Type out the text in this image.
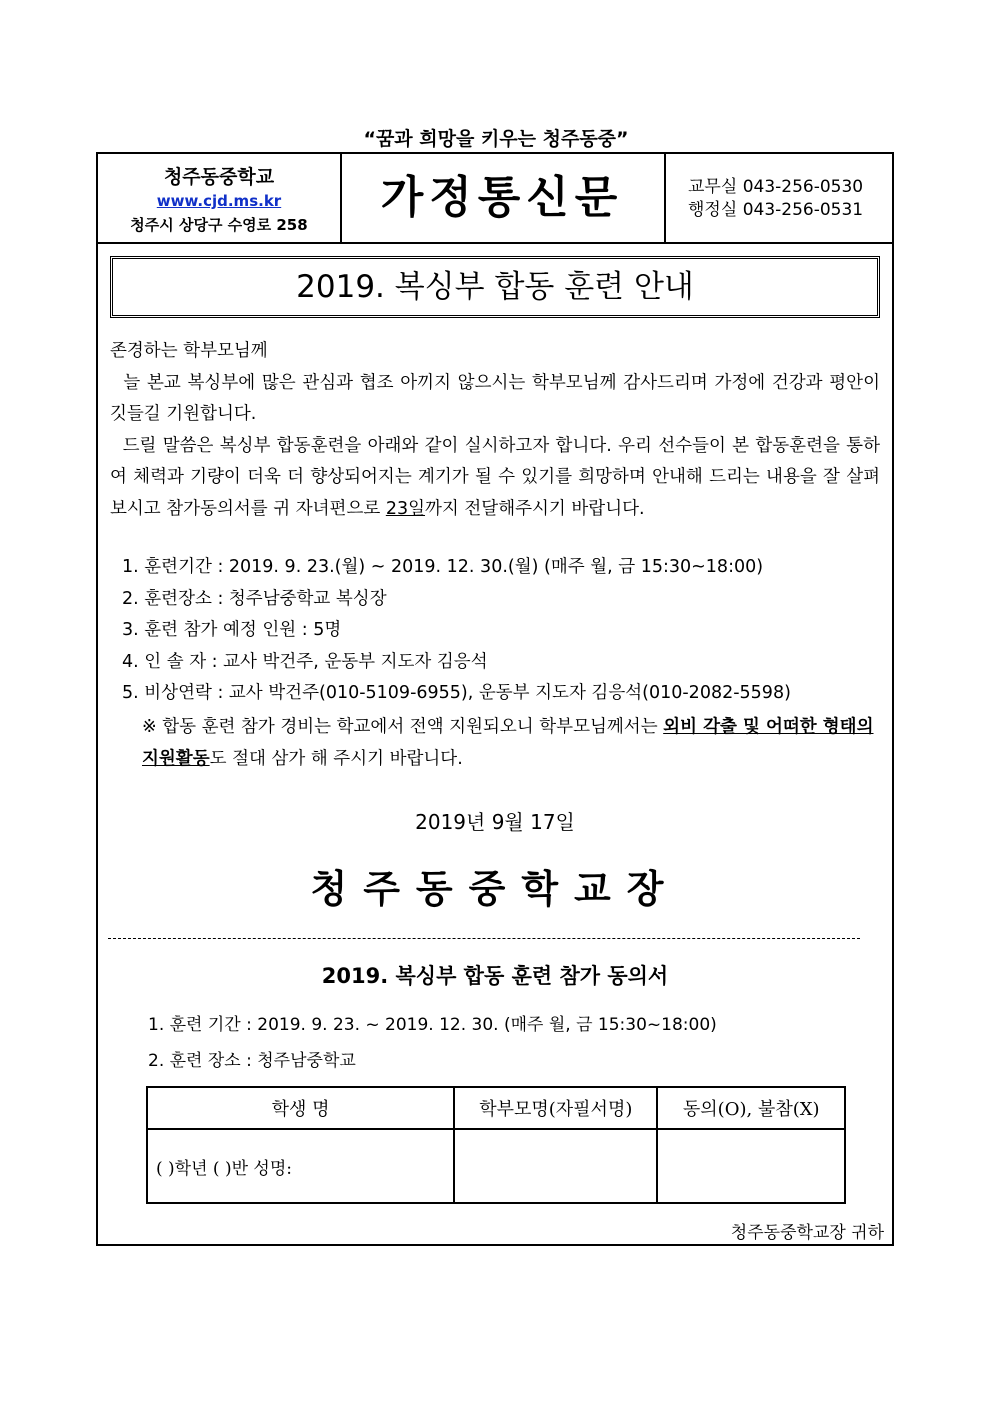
“꿈과 희망을 키우는 청주동중”
청주동중학교
www.cjd.ms.kr
청주시 상당구 수영로 258
가정통신문	교무실 043-256-0530
행정실 043-256-0531
2019. 복싱부 합동 훈련 안내

존경하는 학부모님께

늘 본교 복싱부에 많은 관심과 협조 아끼지 않으시는 학부모님께 감사드리며 가정에 건강과 평안이 깃들길 기원합니다.

드릴 말씀은 복싱부 합동훈련을 아래와 같이 실시하고자 합니다. 우리 선수들이 본 합동훈련을 통하여 체력과 기량이 더욱 더 향상되어지는 계기가 될 수 있기를 희망하며 안내해 드리는 내용을 잘 살펴보시고 참가동의서를 귀 자녀편으로 23일까지 전달해주시기 바랍니다.

1. 훈련기간 : 2019. 9. 23.(월) ~ 2019. 12. 30.(월) (매주 월, 금 15:30~18:00)
2. 훈련장소 : 청주남중학교 복싱장
3. 훈련 참가 예정 인원 : 5명
4. 인 솔 자 : 교사 박건주, 운동부 지도자 김응석
5. 비상연락 : 교사 박건주(010-5109-6955), 운동부 지도자 김응석(010-2082-5598)
※ 합동 훈련 참가 경비는 학교에서 전액 지원되오니 학부모님께서는 외비 각출 및 어떠한 형태의 지원활동도 절대 삼가 해 주시기 바랍니다.
2019년 9월 17일
청주동중학교장
2019. 복싱부 합동 훈련 참가 동의서
1. 훈련 기간 : 2019. 9. 23. ~ 2019. 12. 30. (매주 월, 금 15:30~18:00)
2. 훈련 장소 : 청주남중학교
학생 명	학부모명(자필서명)	동의(O), 불참(X)
( )학년 ( )반 성명:		
청주동중학교장 귀하
